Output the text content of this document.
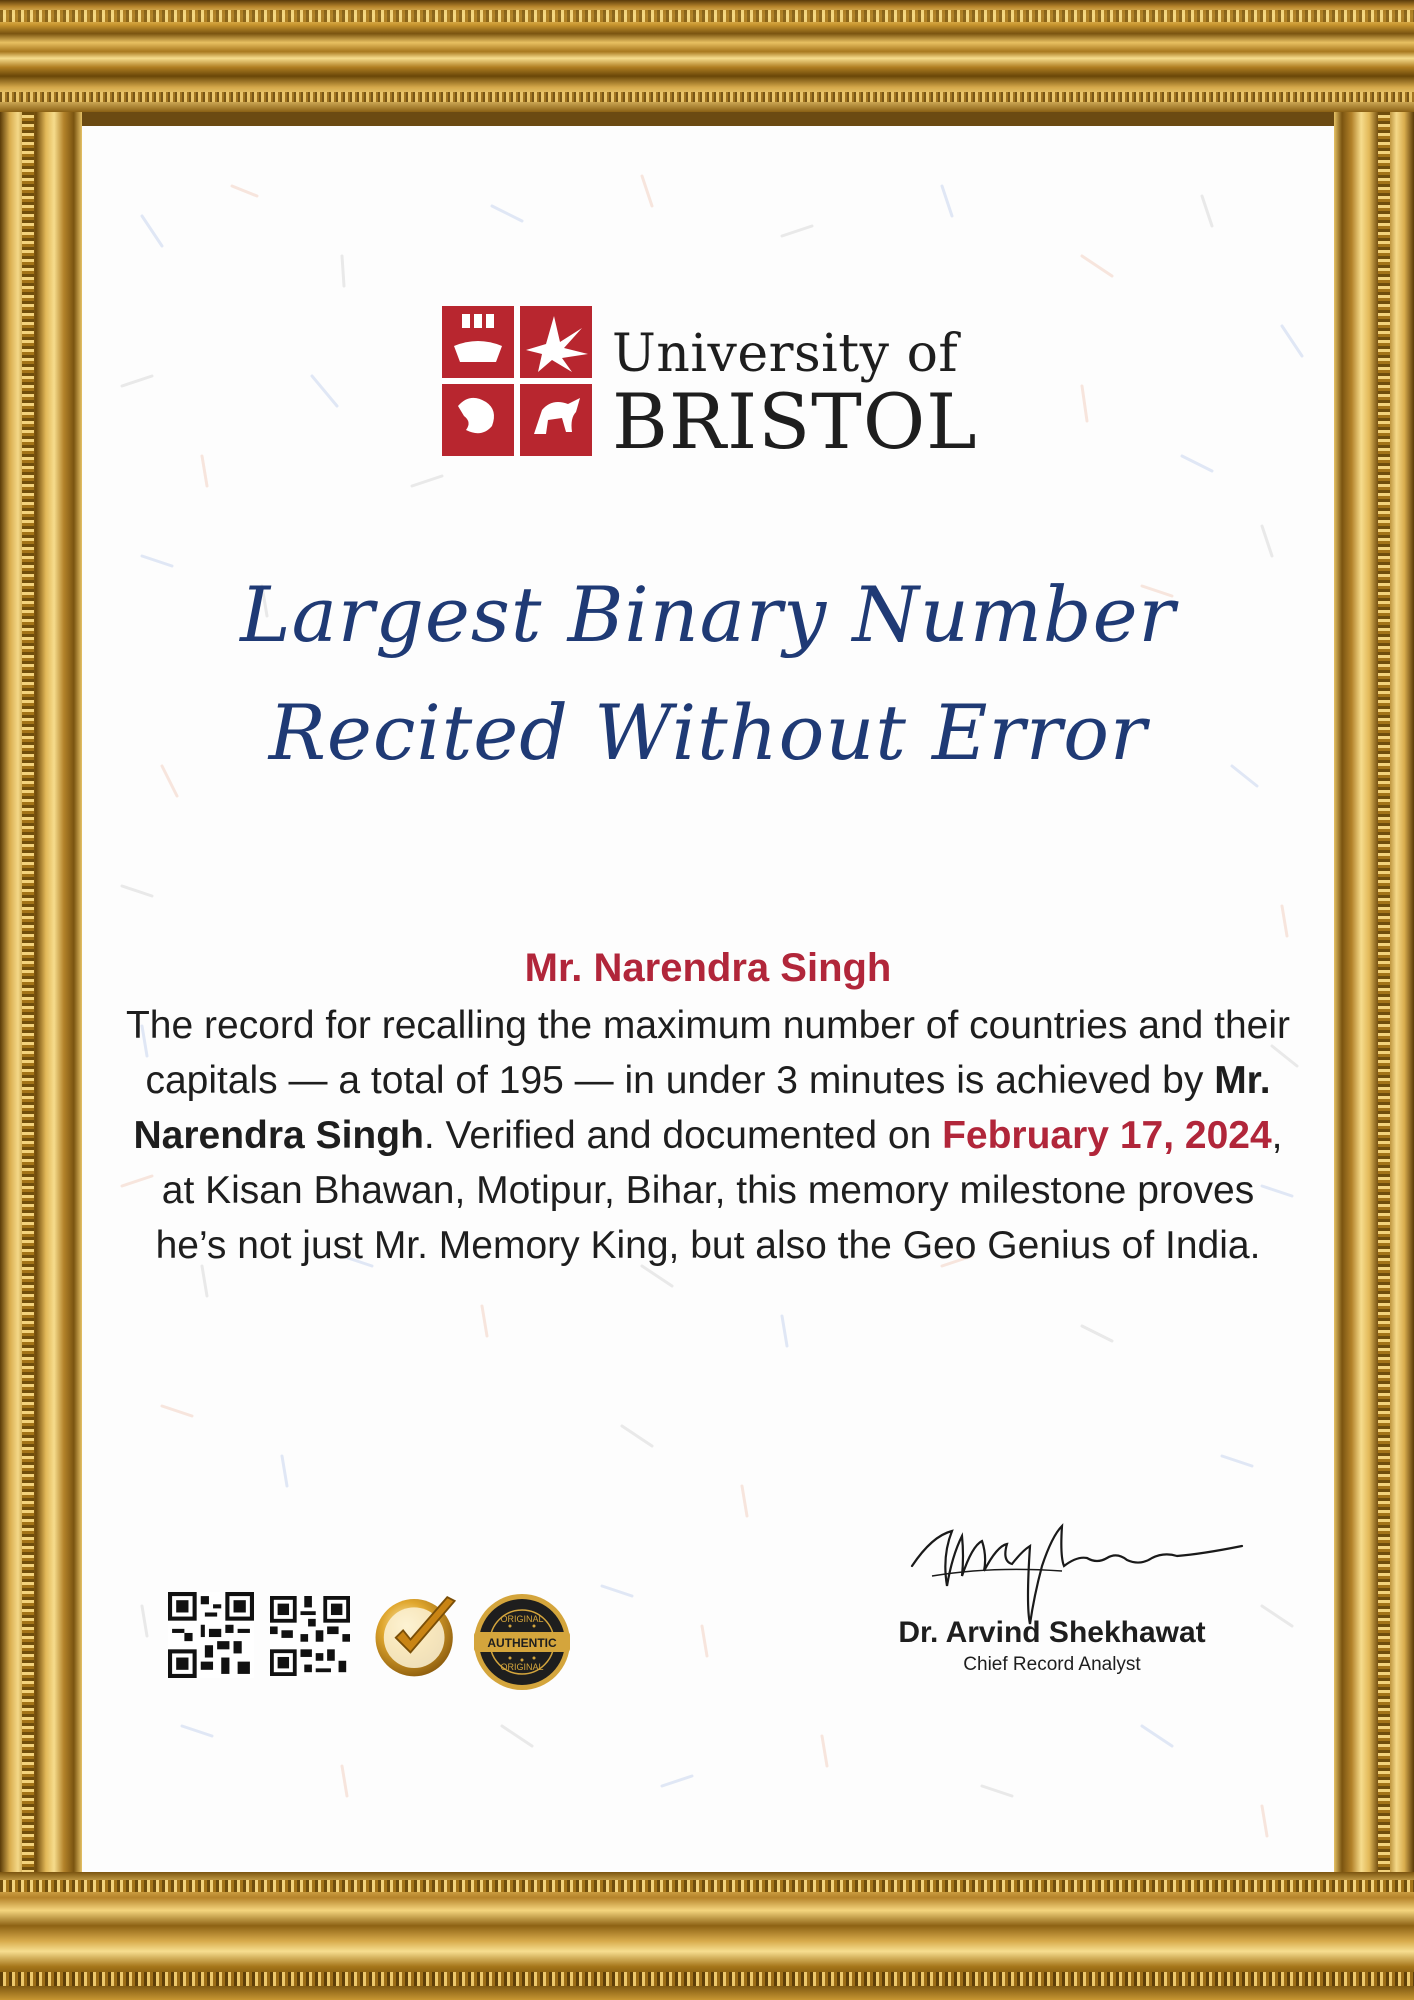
University of
BRISTOL
Largest Binary Number
Recited Without Error
Mr. Narendra Singh
The record for recalling the maximum number of countries and their capitals — a total of 195 — in under 3 minutes is achieved by Mr. Narendra Singh. Verified and documented on February 17, 2024, at Kisan Bhawan, Motipur, Bihar, this memory milestone proves he’s not just Mr. Memory King, but also the Geo Genius of India.
AUTHENTIC
ORIGINAL
ORIGINAL
Dr. Arvind Shekhawat
Chief Record Analyst
